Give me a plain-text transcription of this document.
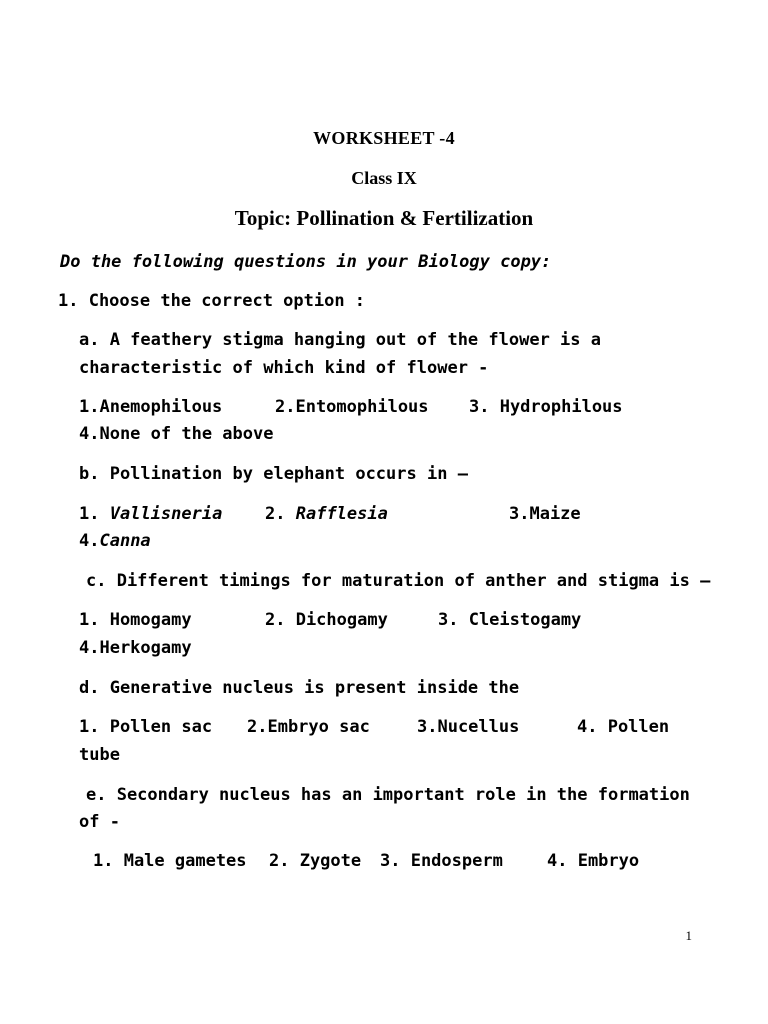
WORKSHEET -4
Class IX
Topic: Pollination & Fertilization
Do the following questions in your Biology copy:
1. Choose the correct option :
a. A feathery stigma hanging out of the flower is a
characteristic of which kind of flower -
1.Anemophilous	2.Entomophilous 3. Hydrophilous
4.None of the above
b. Pollination by elephant occurs in –
1. Vallisneria	2. Rafflesia	3.Maize
4.Canna
c. Different timings for maturation of anther and stigma is –
1. Homogamy	2. Dichogamy	3. Cleistogamy
4.Herkogamy
d. Generative nucleus is present inside the
1. Pollen sac 2.Embryo sac	3.Nucellus	4. Pollen
tube
e. Secondary nucleus has an important role in the formation
of -
1. Male gametes 2. Zygote 3. Endosperm	4. Embryo
1
